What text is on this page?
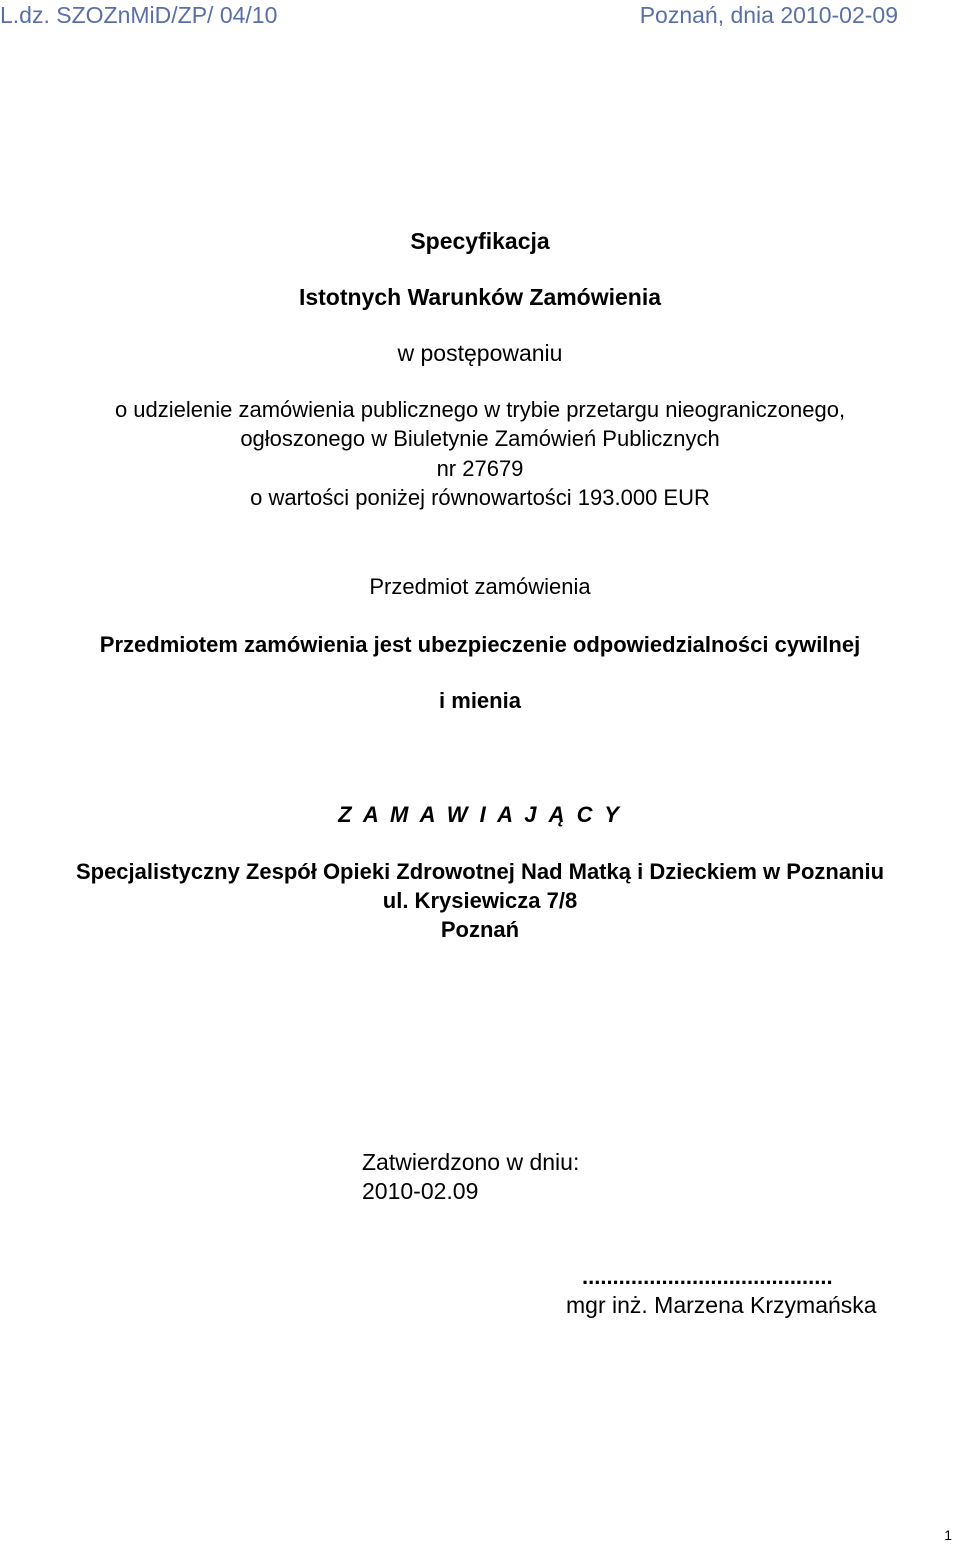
L.dz. SZOZnMiD/ZP/ 04/10	Poznań, dnia 2010-02-09
Specyfikacja
Istotnych Warunków Zamówienia
w postępowaniu
o udzielenie zamówienia publicznego w trybie przetargu nieograniczonego,
ogłoszonego w Biuletynie Zamówień Publicznych
nr 27679
o wartości poniżej równowartości 193.000 EUR
Przedmiot zamówienia
Przedmiotem zamówienia jest ubezpieczenie odpowiedzialności cywilnej
i mienia
Z A M A W I A J Ą C Y
Specjalistyczny Zespół Opieki Zdrowotnej Nad Matką i Dzieckiem w Poznaniu
ul. Krysiewicza 7/8
Poznań
Zatwierdzono w dniu:
2010-02.09
.........................................
mgr inż. Marzena Krzymańska
1
